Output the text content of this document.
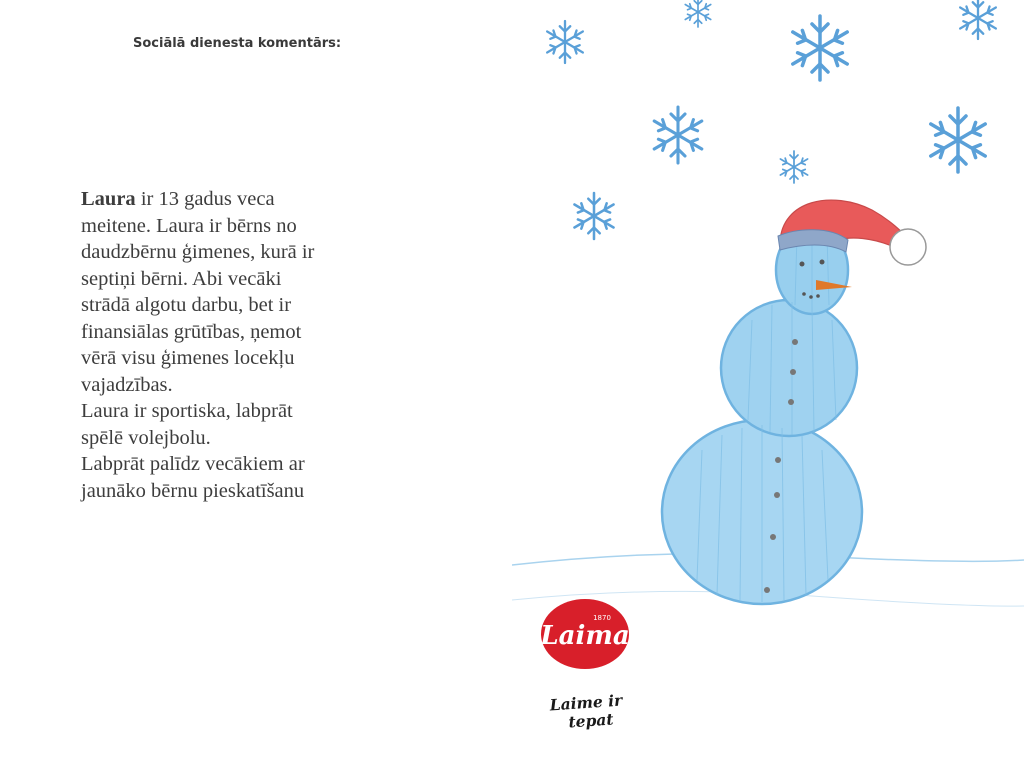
Sociālā dienesta komentārs:

Laura ir 13 gadus veca

meitene. Laura ir bērns no

daudzbērnu ģimenes, kurā ir

septiņi bērni. Abi vecāki

strādā algotu darbu, bet ir

finansiālas grūtības, ņemot

vērā visu ģimenes locekļu

vajadzības.

Laura ir sportiska, labprāt

spēlē volejbolu.

Labprāt palīdz vecākiem ar

jaunāko bērnu pieskatīšanu

Laima
1870
Laime ir
tepat
